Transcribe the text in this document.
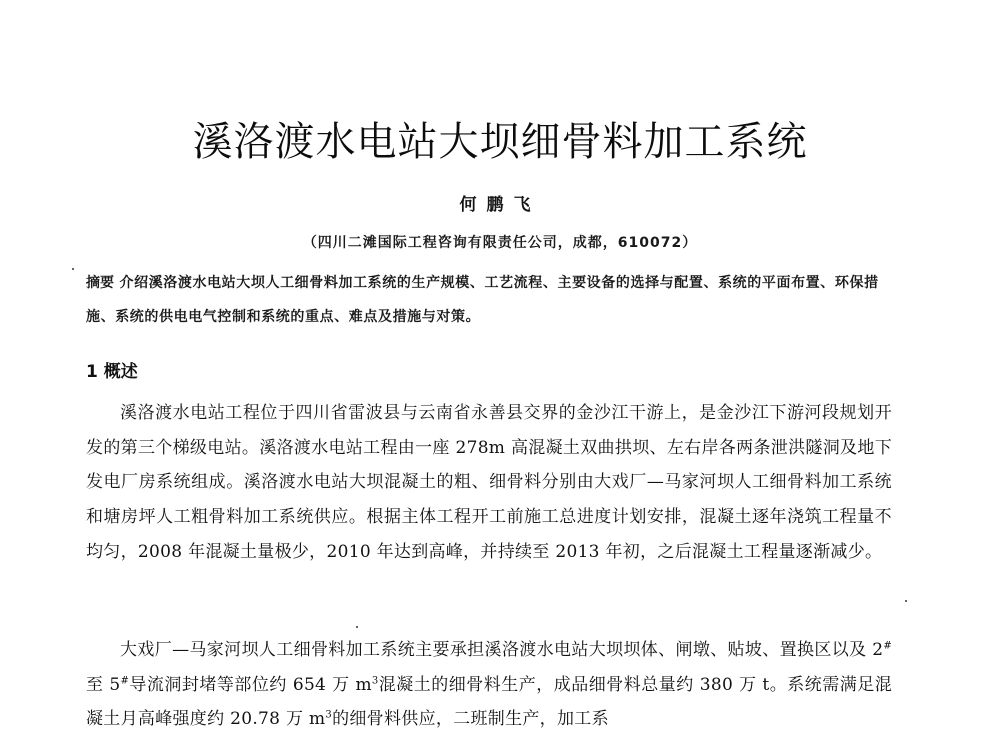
溪洛渡水电站大坝细骨料加工系统
何鹏飞
（四川二滩国际工程咨询有限责任公司，成都，610072）

摘要 介绍溪洛渡水电站大坝人工细骨料加工系统的生产规模、工艺流程、主要设备的选择与配置、系统的平面布置、环保措施、系统的供电电气控制和系统的重点、难点及措施与对策。

1 概述

溪洛渡水电站工程位于四川省雷波县与云南省永善县交界的金沙江干游上，是金沙江下游河段规划开发的第三个梯级电站。溪洛渡水电站工程由一座 278m 高混凝土双曲拱坝、左右岸各两条泄洪隧洞及地下发电厂房系统组成。溪洛渡水电站大坝混凝土的粗、细骨料分别由大戏厂—马家河坝人工细骨料加工系统和塘房坪人工粗骨料加工系统供应。根据主体工程开工前施工总进度计划安排，混凝土逐年浇筑工程量不均匀，2008 年混凝土量极少，2010 年达到高峰，并持续至 2013 年初，之后混凝土工程量逐渐减少。

大戏厂—马家河坝人工细骨料加工系统主要承担溪洛渡水电站大坝坝体、闸墩、贴坡、置换区以及 2#至 5#导流洞封堵等部位约 654 万 $m^3$混凝土的细骨料生产，成品细骨料总量约 380 万 t。系统需满足混凝土月高峰强度约 20.78 万 $m^3$的细骨料供应，二班制生产，加工系
